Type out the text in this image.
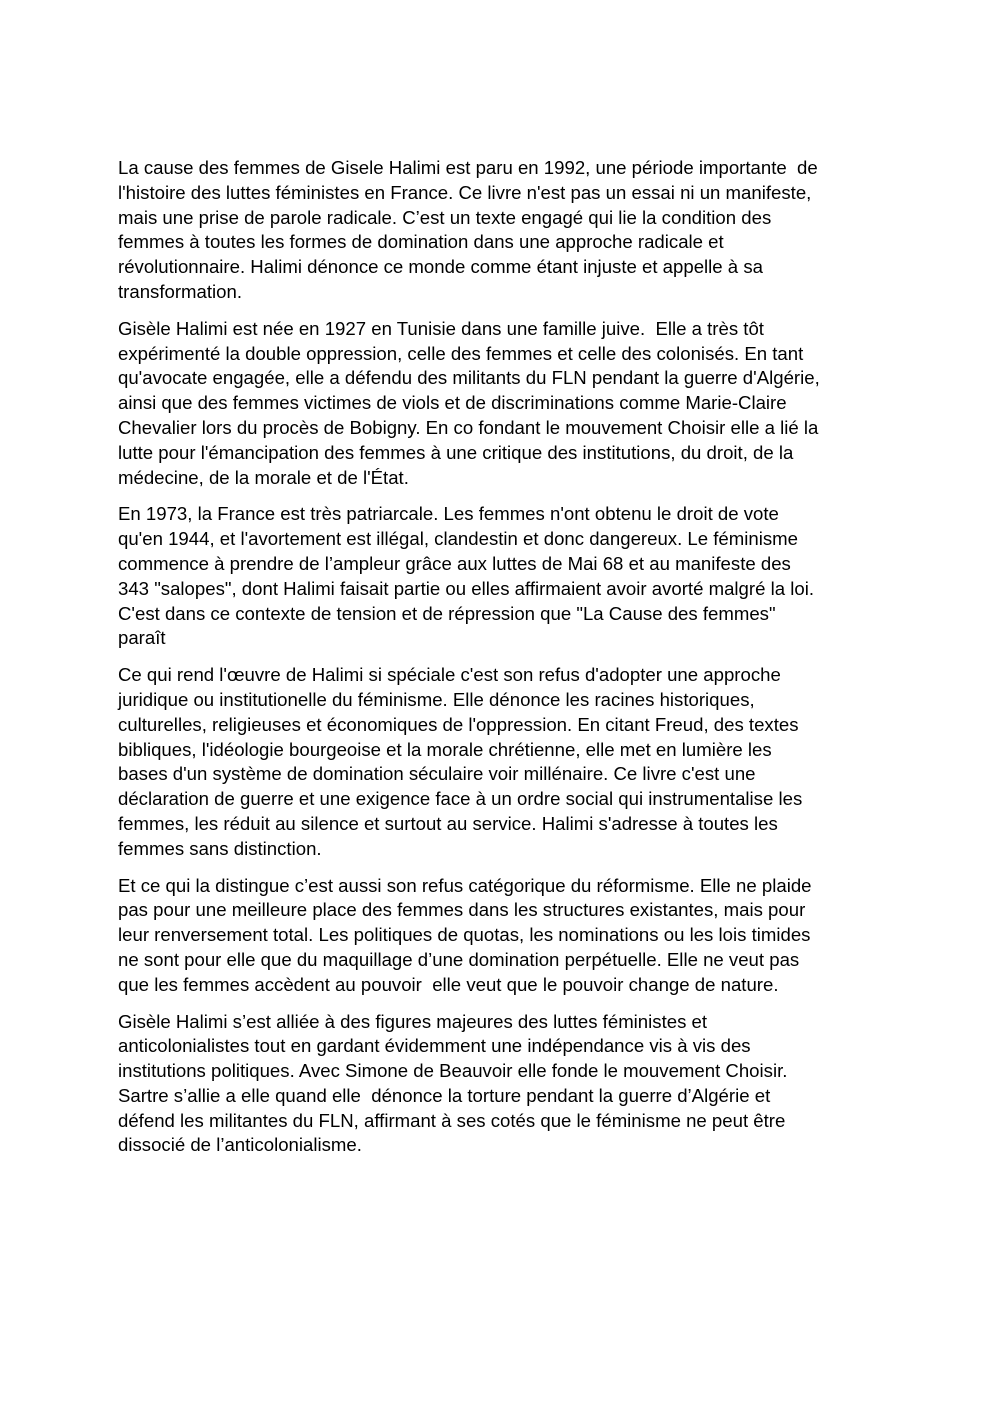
La cause des femmes de Gisele Halimi est paru en 1992, une période importante  de
l'histoire des luttes féministes en France. Ce livre n'est pas un essai ni un manifeste,
mais une prise de parole radicale. C’est un texte engagé qui lie la condition des
femmes à toutes les formes de domination dans une approche radicale et
révolutionnaire. Halimi dénonce ce monde comme étant injuste et appelle à sa
transformation.

Gisèle Halimi est née en 1927 en Tunisie dans une famille juive.  Elle a très tôt
expérimenté la double oppression, celle des femmes et celle des colonisés. En tant
qu'avocate engagée, elle a défendu des militants du FLN pendant la guerre d'Algérie,
ainsi que des femmes victimes de viols et de discriminations comme Marie-Claire
Chevalier lors du procès de Bobigny. En co fondant le mouvement Choisir elle a lié la
lutte pour l'émancipation des femmes à une critique des institutions, du droit, de la
médecine, de la morale et de l'État.

En 1973, la France est très patriarcale. Les femmes n'ont obtenu le droit de vote
qu'en 1944, et l'avortement est illégal, clandestin et donc dangereux. Le féminisme
commence à prendre de l’ampleur grâce aux luttes de Mai 68 et au manifeste des
343 "salopes", dont Halimi faisait partie ou elles affirmaient avoir avorté malgré la loi.
C'est dans ce contexte de tension et de répression que "La Cause des femmes"
paraît

Ce qui rend l'œuvre de Halimi si spéciale c'est son refus d'adopter une approche
juridique ou institutionelle du féminisme. Elle dénonce les racines historiques,
culturelles, religieuses et économiques de l'oppression. En citant Freud, des textes
bibliques, l'idéologie bourgeoise et la morale chrétienne, elle met en lumière les
bases d'un système de domination séculaire voir millénaire. Ce livre c'est une
déclaration de guerre et une exigence face à un ordre social qui instrumentalise les
femmes, les réduit au silence et surtout au service. Halimi s'adresse à toutes les
femmes sans distinction.

Et ce qui la distingue c’est aussi son refus catégorique du réformisme. Elle ne plaide
pas pour une meilleure place des femmes dans les structures existantes, mais pour
leur renversement total. Les politiques de quotas, les nominations ou les lois timides
ne sont pour elle que du maquillage d’une domination perpétuelle. Elle ne veut pas
que les femmes accèdent au pouvoir  elle veut que le pouvoir change de nature.

Gisèle Halimi s’est alliée à des figures majeures des luttes féministes et
anticolonialistes tout en gardant évidemment une indépendance vis à vis des
institutions politiques. Avec Simone de Beauvoir elle fonde le mouvement Choisir.
Sartre s’allie a elle quand elle  dénonce la torture pendant la guerre d’Algérie et
défend les militantes du FLN, affirmant à ses cotés que le féminisme ne peut être
dissocié de l’anticolonialisme.
